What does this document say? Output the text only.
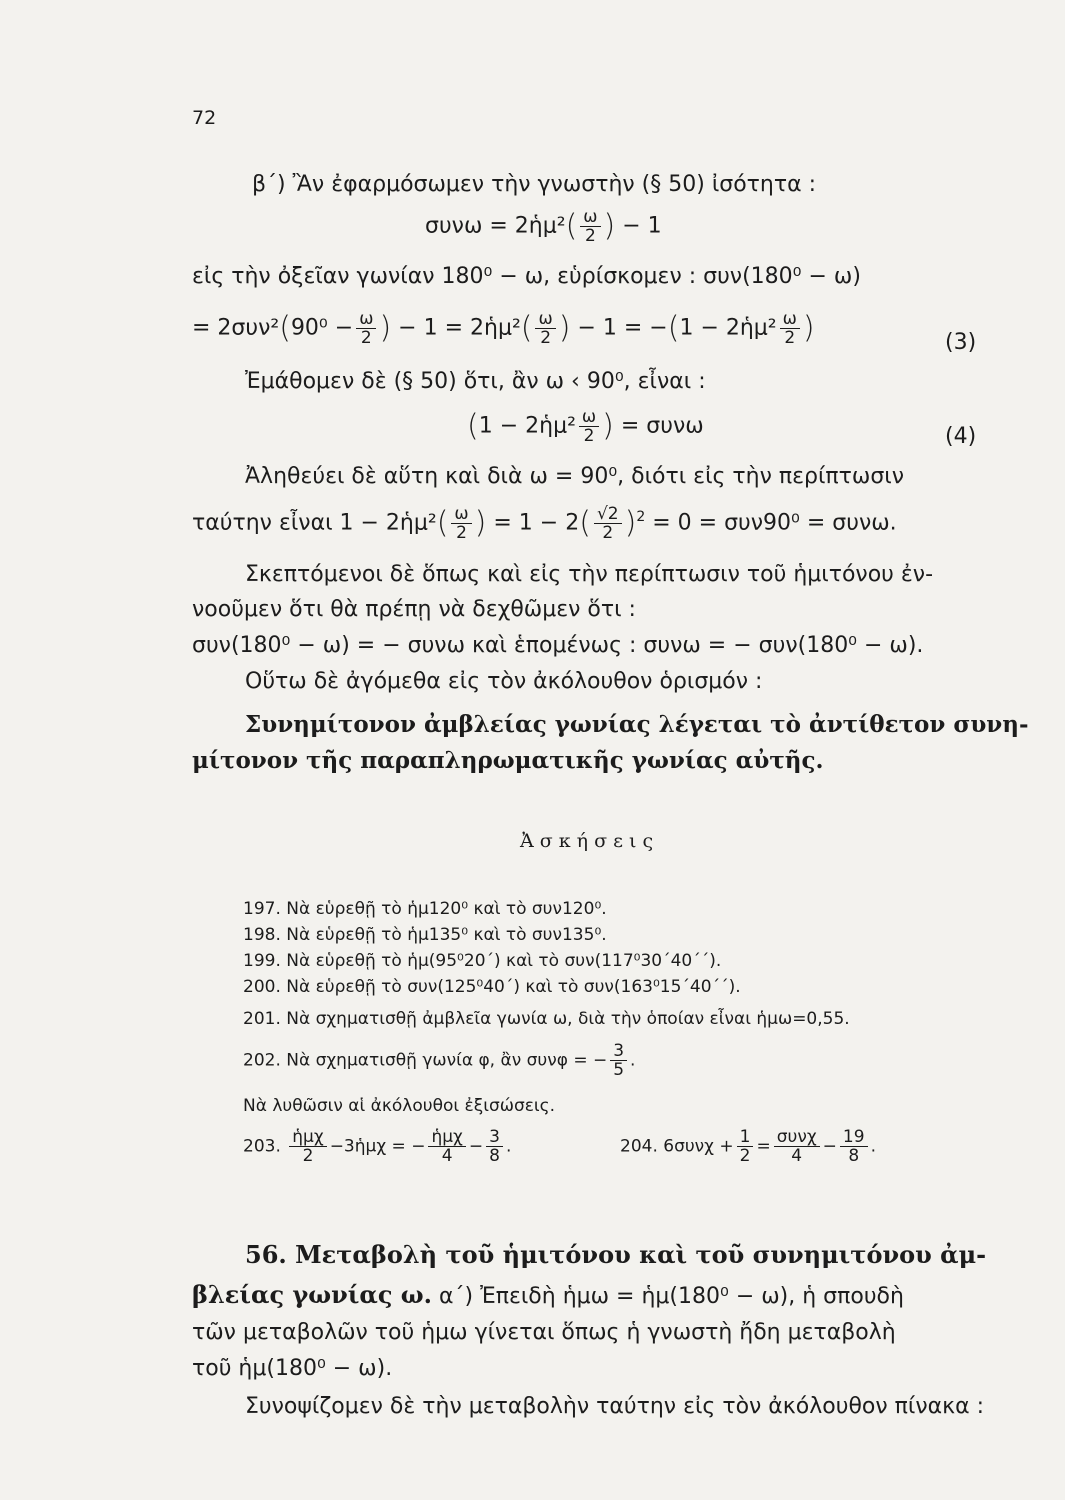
72
β΄) Ἂν ἐφαρμόσωμεν τὴν γνωστὴν (§ 50) ἰσότητα :
συνω = 2ἡμ²( $\frac{\omega}{2}$ ) − 1
εἰς τὴν ὀξεῖαν γωνίαν 180⁰ − ω, εὑρίσκομεν : συν(180⁰ − ω)
= $2\sigma\upsilon\nu^2(90^0 - \frac{\omega}{2}$ ) − 1 = 2ἡμ²( $\frac{\omega}{2}$ ) − 1 = −(1 − 2ἡμ² $\frac{\omega}{2}$ )	(3)
Ἐμάθομεν δὲ (§ 50) ὅτι, ἂν ω ‹ 90⁰, εἶναι :
(1 − 2ἡμ² $\frac{\omega}{2}$ ) = συνω	(4)
Ἀληθεύει δὲ αὕτη καὶ διὰ ω = 90⁰, διότι εἰς τὴν περίπτωσιν
ταύτην εἶναι 1 − 2ἡμ²( $\frac{\omega}{2}$ ) = $1 - 2( \frac{√2}{2} )^2 = 0 = \sigma\upsilon\nu 90^0 = \sigma\upsilon\nu\omega$.
Σκεπτόμενοι δὲ ὅπως καὶ εἰς τὴν περίπτωσιν τοῦ ἡμιτόνου ἐν-
νοοῦμεν ὅτι θὰ πρέπῃ νὰ δεχθῶμεν ὅτι :
συν(180⁰ − ω) = − συνω καὶ ἑπομένως : συνω = − συν(180⁰ − ω).
Οὕτω δὲ ἀγόμεθα εἰς τὸν ἀκόλουθον ὁρισμόν :
Συνημίτονον ἀμβλείας γωνίας λέγεται τὸ ἀντίθετον συνη-
μίτονον τῆς παραπληρωματικῆς γωνίας αὐτῆς.
Ἀ σ κ ή σ ε ι ς
197. Νὰ εὑρεθῇ τὸ ἡμ120⁰ καὶ τὸ συν120⁰.
198. Νὰ εὑρεθῇ τὸ ἡμ135⁰ καὶ τὸ συν135⁰.
199. Νὰ εὑρεθῇ τὸ ἡμ(95⁰20΄) καὶ τὸ συν(117⁰30΄40΄΄).
200. Νὰ εὑρεθῇ τὸ συν(125⁰40΄) καὶ τὸ συν(163⁰15΄40΄΄).
201. Νὰ σχηματισθῇ ἀμβλεῖα γωνία ω, διὰ τὴν ὁποίαν εἶναι ἡμω=0,55.
202. Νὰ σχηματισθῇ γωνία φ, ἂν συνφ = − $\frac{3}{5}$ .
Νὰ λυθῶσιν αἱ ἀκόλουθοι ἐξισώσεις.
203. $\frac{\text{ἡμχ}}{2}$ −3ἡμχ = − $\frac{\text{ἡμχ}}{4} - \frac{3}{8}$ .	204. $6\sigma\upsilon\nu\chi + \frac{1}{2} = \frac{\text{συνχ}}{4} - \frac{19}{8}$ .
56. Μεταβολὴ τοῦ ἡμιτόνου καὶ τοῦ συνημιτόνου ἀμ-
βλείας γωνίας ω. α΄) Ἐπειδὴ ἡμω = ἡμ(180⁰ − ω), ἡ σπουδὴ
τῶν μεταβολῶν τοῦ ἡμω γίνεται ὅπως ἡ γνωστὴ ἤδη μεταβολὴ
τοῦ ἡμ(180⁰ − ω).
Συνοψίζομεν δὲ τὴν μεταβολὴν ταύτην εἰς τὸν ἀκόλουθον πίνακα :
